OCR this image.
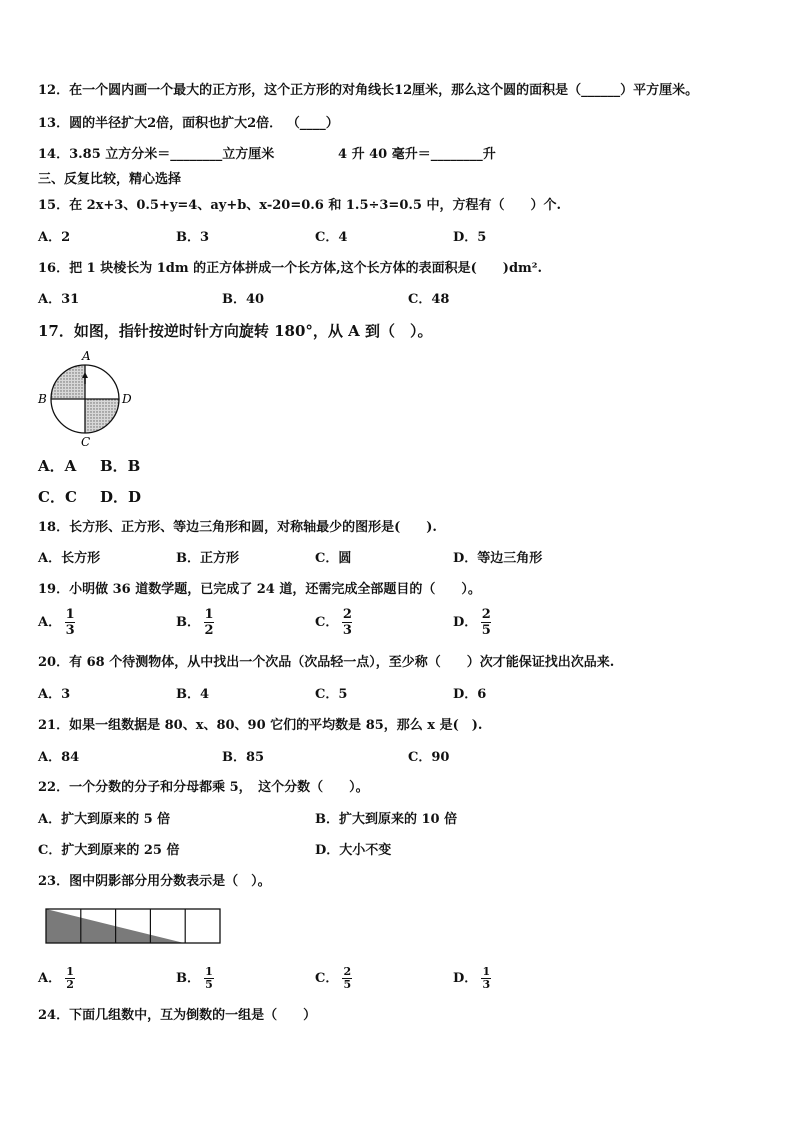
12．在一个圆内画一个最大的正方形，这个正方形的对角线长12厘米，那么这个圆的面积是（______）平方厘米。
13．圆的半径扩大2倍，面积也扩大2倍． （____）
14．3.85 立方分米＝________立方厘米	4 升 40 毫升＝________升
三、反复比较，精心选择
15．在 2x+3、0.5+y=4、ay+b、x-20=0.6 和 1.5÷3=0.5 中，方程有（　　）个.
A．2	B．3	C．4	D．5
16．把 1 块棱长为 1dm 的正方体拼成一个长方体,这个长方体的表面积是(　　)dm².
A．31	B．40	C．48
17．如图，指针按逆时针方向旋转 180°，从 A 到（　）。
A
B
C
D
A．A B．B
C．C D．D
18．长方形、正方形、等边三角形和圆，对称轴最少的图形是(　　).
A．长方形	B．正方形	C．圆	D．等边三角形
19．小明做 36 道数学题，已完成了 24 道，还需完成全部题目的（　　）。
A． $\frac{1}{3}$	B． $\frac{1}{2}$	C． $\frac{2}{3}$	D． $\frac{2}{5}$
20．有 68 个待测物体，从中找出一个次品（次品轻一点），至少称（　　）次才能保证找出次品来.
A．3	B．4	C．5	D．6
21．如果一组数据是 80、x、80、90 它们的平均数是 85，那么 x 是(　).
A．84	B．85	C．90
22．一个分数的分子和分母都乘 5，　这个分数（　　）。
A．扩大到原来的 5 倍	B．扩大到原来的 10 倍
C．扩大到原来的 25 倍	D．大小不变
23．图中阴影部分用分数表示是（　）。
A． $\frac{1}{2}$	B． $\frac{1}{5}$	C． $\frac{2}{5}$	D． $\frac{1}{3}$
24．下面几组数中，互为倒数的一组是（　　）
